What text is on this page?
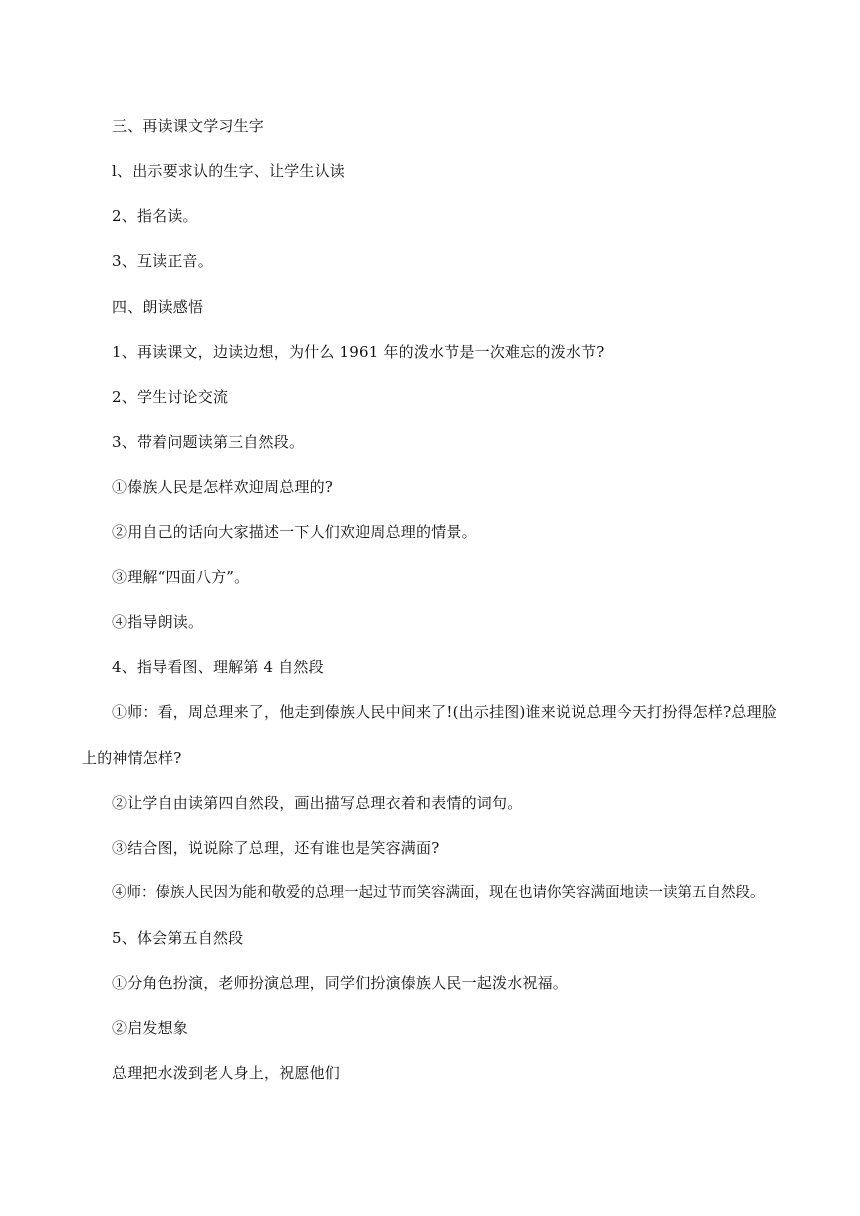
三、再读课文学习生字
l、出示要求认的生字、让学生认读
2、指名读。
3、互读正音。
四、朗读感悟
1、再读课文，边读边想，为什么 1961 年的泼水节是一次难忘的泼水节?
2、学生讨论交流
3、带着问题读第三自然段。
①傣族人民是怎样欢迎周总理的?
②用自己的话向大家描述一下人们欢迎周总理的情景。
③理解“四面八方”。
④指导朗读。
4、指导看图、理解第 4 自然段
①师：看，周总理来了，他走到傣族人民中间来了!(出示挂图)谁来说说总理今天打扮得怎样?总理脸
上的神情怎样?
②让学自由读第四自然段，画出描写总理衣着和表情的词句。
③结合图，说说除了总理，还有谁也是笑容满面?
④师：傣族人民因为能和敬爱的总理一起过节而笑容满面，现在也请你笑容满面地读一读第五自然段。
5、体会第五自然段
①分角色扮演，老师扮演总理，同学们扮演傣族人民一起泼水祝福。
②启发想象
总理把水泼到老人身上，祝愿他们
